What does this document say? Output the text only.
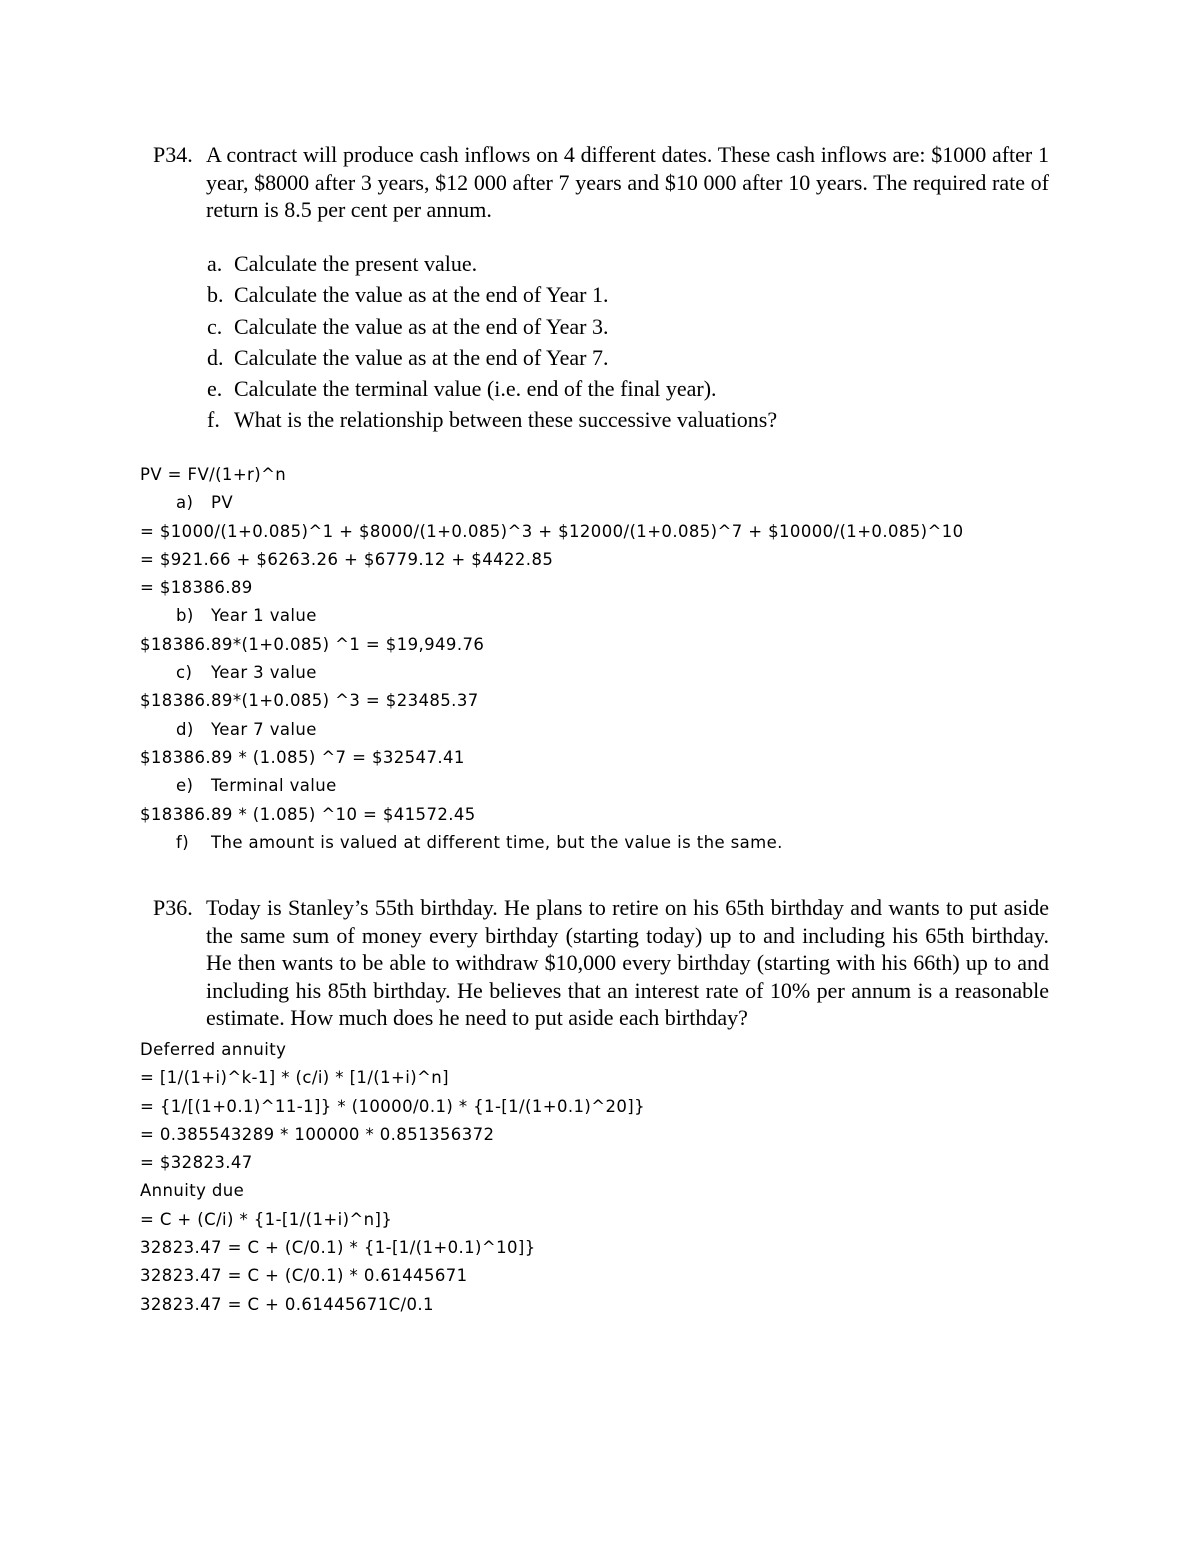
P34. A contract will produce cash inflows on 4 different dates. These cash inflows are: $1000 after 1 year, $8000 after 3 years, $12 000 after 7 years and $10 000 after 10 years. The required rate of return is 8.5 per cent per annum.
a. Calculate the present value.
b. Calculate the value as at the end of Year 1.
c. Calculate the value as at the end of Year 3.
d. Calculate the value as at the end of Year 7.
e. Calculate the terminal value (i.e. end of the final year).
f. What is the relationship between these successive valuations?
PV = FV/(1+r)^n
a) PV
= $1000/(1+0.085)^1 + $8000/(1+0.085)^3 + $12000/(1+0.085)^7 + $10000/(1+0.085)^10
= $921.66 + $6263.26 + $6779.12 + $4422.85
= $18386.89
b) Year 1 value
$18386.89*(1+0.085) ^1 = $19,949.76
c) Year 3 value
$18386.89*(1+0.085) ^3 = $23485.37
d) Year 7 value
$18386.89 * (1.085) ^7 = $32547.41
e) Terminal value
$18386.89 * (1.085) ^10 = $41572.45
f) The amount is valued at different time, but the value is the same.
P36. Today is Stanley’s 55th birthday. He plans to retire on his 65th birthday and wants to put aside the same sum of money every birthday (starting today) up to and including his 65th birthday. He then wants to be able to withdraw $10,000 every birthday (starting with his 66th) up to and including his 85th birthday. He believes that an interest rate of 10% per annum is a reasonable estimate. How much does he need to put aside each birthday?
Deferred annuity
= [1/(1+i)^k-1] * (c/i) * [1/(1+i)^n]
= {1/[(1+0.1)^11-1]} * (10000/0.1) * {1-[1/(1+0.1)^20]}
= 0.385543289 * 100000 * 0.851356372
= $32823.47
Annuity due
= C + (C/i) * {1-[1/(1+i)^n]}
32823.47 = C + (C/0.1) * {1-[1/(1+0.1)^10]}
32823.47 = C + (C/0.1) * 0.61445671
32823.47 = C + 0.61445671C/0.1
